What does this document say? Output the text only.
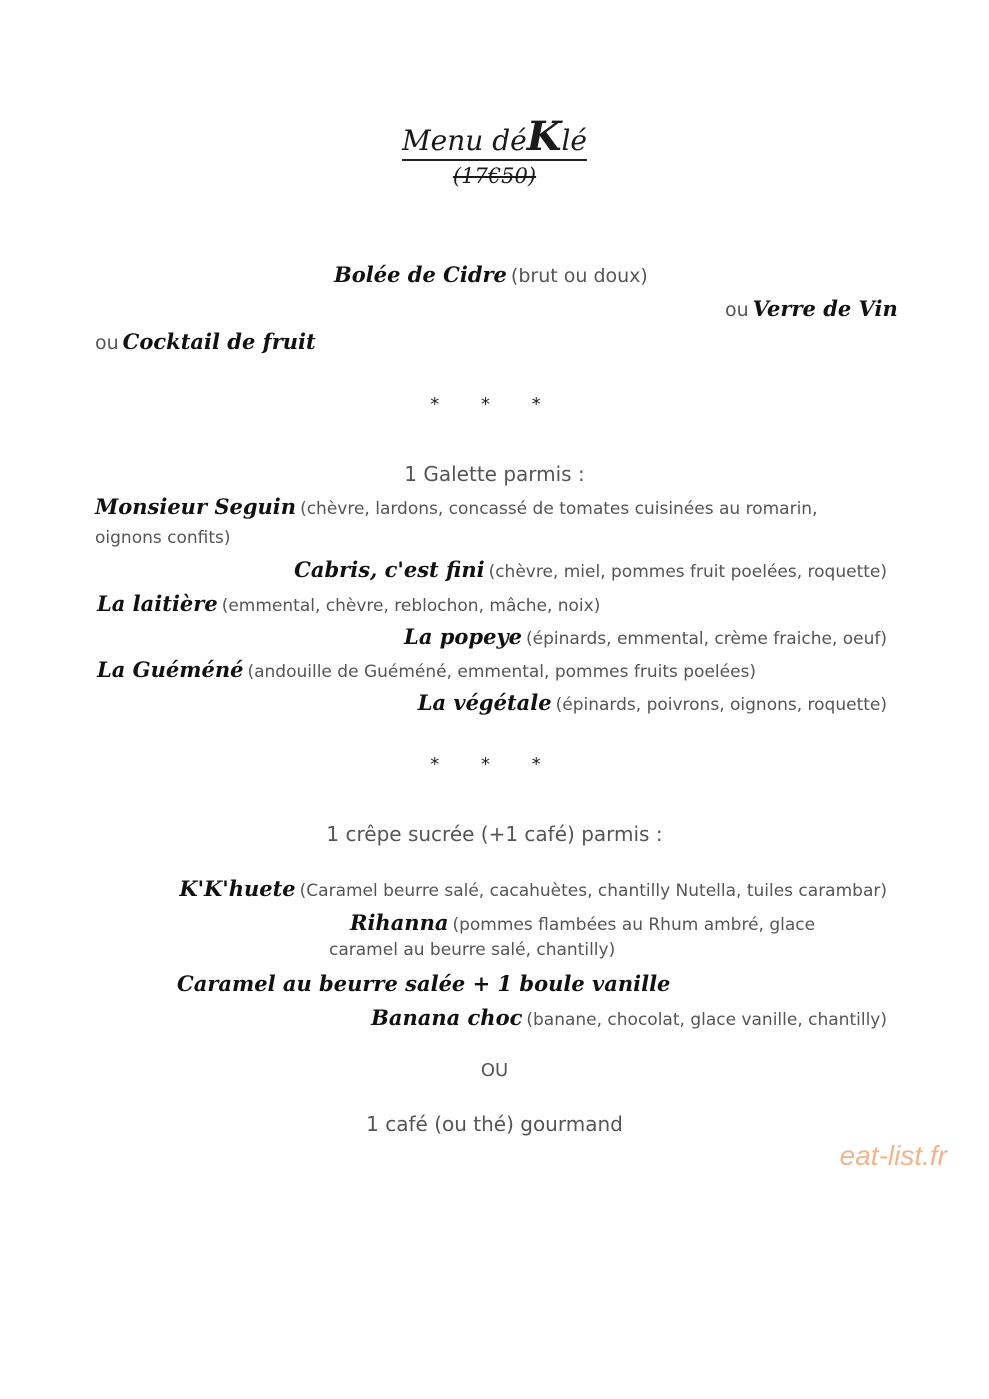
Menu déKlé
(17€50)
Bolée de Cidre (brut ou doux)
ou Verre de Vin
ou Cocktail de fruit
* * *
1 Galette parmis :
Monsieur Seguin (chèvre, lardons, concassé de tomates cuisinées au romarin,
oignons confits)
Cabris, c'est fini (chèvre, miel, pommes fruit poelées, roquette)
La laitière (emmental, chèvre, reblochon, mâche, noix)
La popeye (épinards, emmental, crème fraiche, oeuf)
La Guéméné (andouille de Guéméné, emmental, pommes fruits poelées)
La végétale (épinards, poivrons, oignons, roquette)
* * *
1 crêpe sucrée (+1 café) parmis :
K'K'huete (Caramel beurre salé, cacahuètes, chantilly Nutella, tuiles carambar)
Rihanna (pommes flambées au Rhum ambré, glace
caramel au beurre salé, chantilly)
Caramel au beurre salée + 1 boule vanille
Banana choc (banane, chocolat, glace vanille, chantilly)
OU
1 café (ou thé) gourmand
eat-list.fr
